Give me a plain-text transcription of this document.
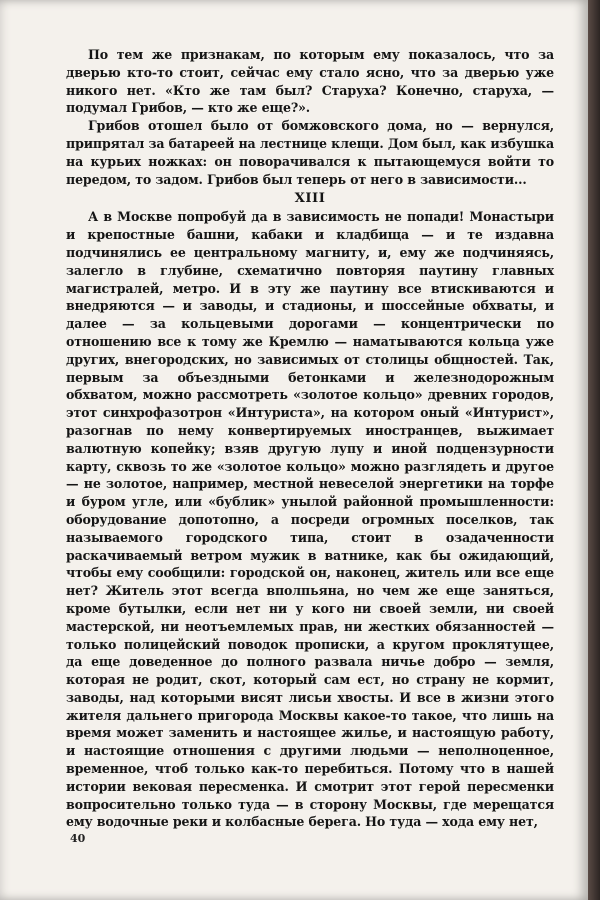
По тем же признакам, по которым ему показалось, что за дверью кто-то стоит, сейчас ему стало ясно, что за дверью уже никого нет. «Кто же там был? Старуха? Конечно, старуха, — подумал Грибов, — кто же еще?».

Грибов отошел было от бомжовского дома, но — вернулся, припрятал за батареей на лестнице клещи. Дом был, как избушка на курьих ножках: он поворачивался к пытающемуся войти то передом, то задом. Грибов был теперь от него в зависимости...

XIII

А в Москве попробуй да в зависимость не попади! Монастыри и крепостные башни, кабаки и кладбища — и те издавна подчинялись ее центральному магниту, и, ему же подчиняясь, залегло в глубине, схематично повторяя паутину главных магистралей, метро. И в эту же паутину все втискиваются и внедряются — и заводы, и стадионы, и шоссейные обхваты, и далее — за кольцевыми дорогами — концентрически по отношению все к тому же Кремлю — наматываются кольца уже других, внегородских, но зависимых от столицы общностей. Так, первым за объездными бетонками и железнодорожным обхватом, можно рассмотреть «золотое кольцо» древних городов, этот синхрофазотрон «Интуриста», на котором оный «Интурист», разогнав по нему конвертируемых иностранцев, выжимает валютную копейку; взяв другую лупу и иной подцензурности карту, сквозь то же «золотое кольцо» можно разглядеть и другое — не золотое, например, местной невеселой энергетики на торфе и буром угле, или «бублик» унылой районной промышленности: оборудование допотопно, а посреди огромных поселков, так называемого городского типа, стоит в озадаченности раскачиваемый ветром мужик в ватнике, как бы ожидающий, чтобы ему сообщили: городской он, наконец, житель или все еще нет? Житель этот всегда вполпьяна, но чем же еще заняться, кроме бутылки, если нет ни у кого ни своей земли, ни своей мастерской, ни неотъемлемых прав, ни жестких обязанностей — только полицейский поводок прописки, а кругом проклятущее, да еще доведенное до полного развала ничье добро — земля, которая не родит, скот, который сам ест, но страну не кормит, заводы, над которыми висят лисьи хвосты. И все в жизни этого жителя дальнего пригорода Москвы какое-то такое, что лишь на время может заменить и настоящее жилье, и настоящую работу, и настоящие отношения с другими людьми — неполноценное, временное, чтоб только как-то перебиться. Потому что в нашей истории вековая пересменка. И смотрит этот герой пересменки вопросительно только туда — в сторону Москвы, где мерещатся ему водочные реки и колбасные берега. Но туда — хода ему нет,

40
